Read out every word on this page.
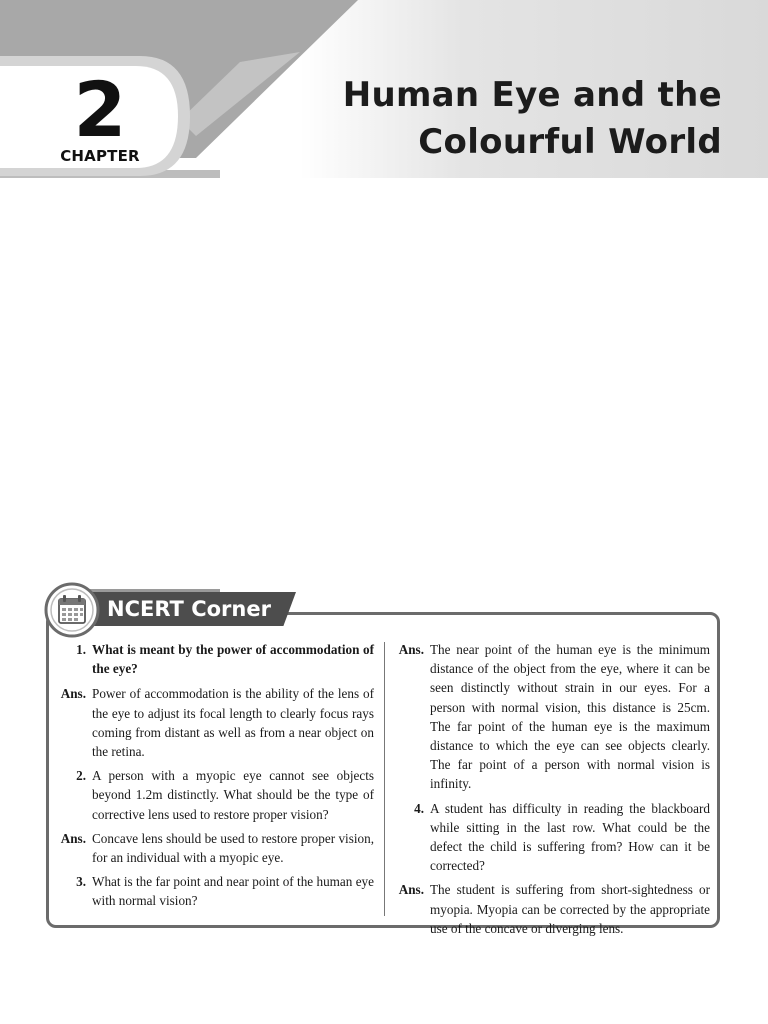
2
CHAPTER
Human Eye and the
Colourful World
NCERT Corner
1. What is meant by the power of accommodation of the eye?
Ans. Power of accommodation is the ability of the lens of the eye to adjust its focal length to clearly focus rays coming from distant as well as from a near object on the retina.
2. A person with a myopic eye cannot see objects beyond 1.2m distinctly. What should be the type of corrective lens used to restore proper vision?
Ans. Concave lens should be used to restore proper vision, for an individual with a myopic eye.
3. What is the far point and near point of the human eye with normal vision?
Ans. The near point of the human eye is the minimum distance of the object from the eye, where it can be seen distinctly without strain in our eyes. For a person with normal vision, this distance is 25cm. The far point of the human eye is the maximum distance to which the eye can see objects clearly. The far point of a person with normal vision is infinity.
4. A student has difficulty in reading the blackboard while sitting in the last row. What could be the defect the child is suffering from? How can it be corrected?
Ans. The student is suffering from short-sightedness or myopia. Myopia can be corrected by the appropriate use of the concave or diverging lens.
